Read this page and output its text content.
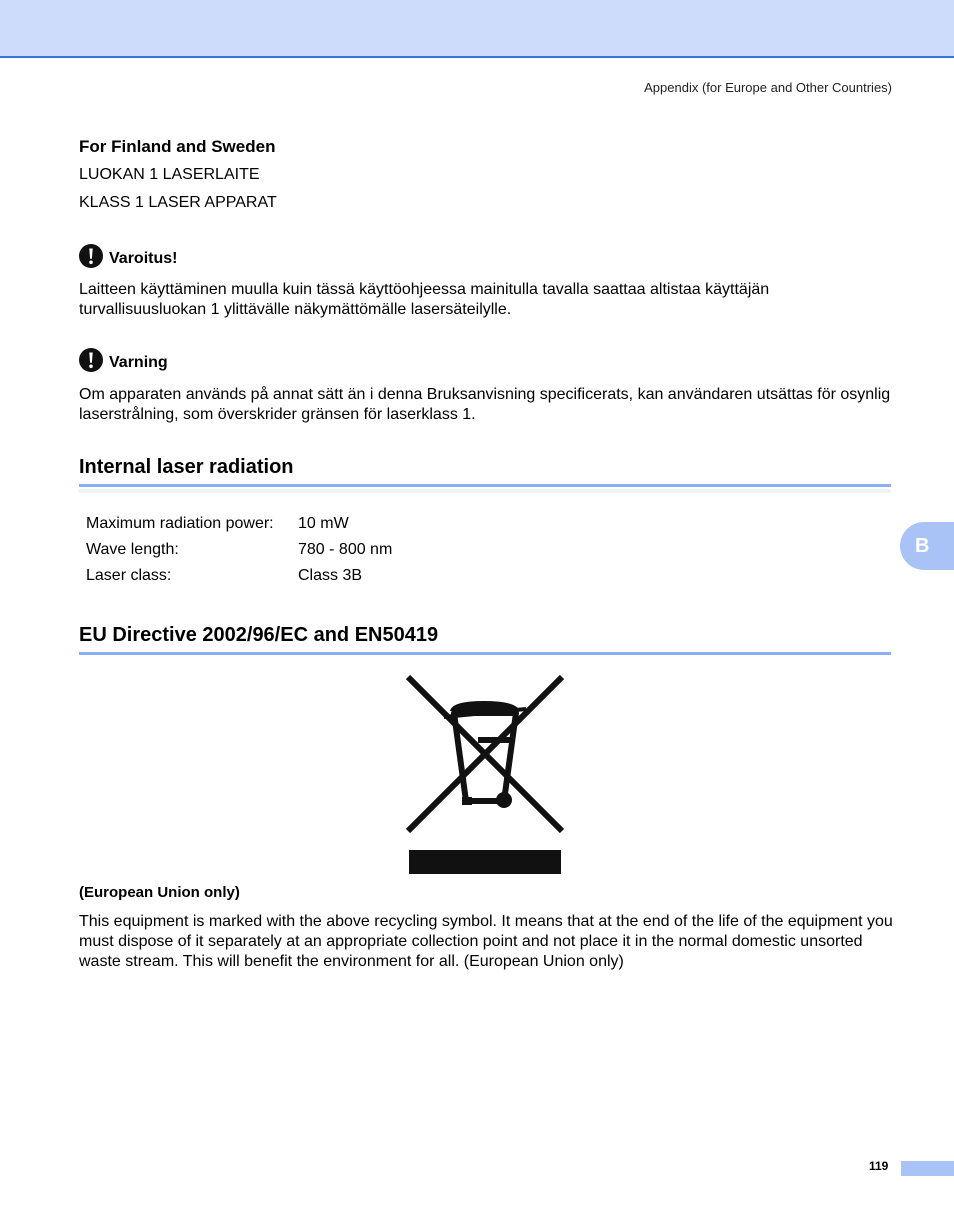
Appendix (for Europe and Other Countries)
For Finland and Sweden
LUOKAN 1 LASERLAITE
KLASS 1 LASER APPARAT
Varoitus!
Laitteen käyttäminen muulla kuin tässä käyttöohjeessa mainitulla tavalla saattaa altistaa käyttäjän turvallisuusluokan 1 ylittävälle näkymättömälle lasersäteilylle.
Varning
Om apparaten används på annat sätt än i denna Bruksanvisning specificerats, kan användaren utsättas för osynlig laserstrålning, som överskrider gränsen för laserklass 1.
Internal laser radiation
Maximum radiation power:	10 mW
Wave length:	780 - 800 nm
Laser class:	Class 3B
B
EU Directive 2002/96/EC and EN50419
(European Union only)
This equipment is marked with the above recycling symbol. It means that at the end of the life of the equipment you must dispose of it separately at an appropriate collection point and not place it in the normal domestic unsorted waste stream. This will benefit the environment for all. (European Union only)
119
